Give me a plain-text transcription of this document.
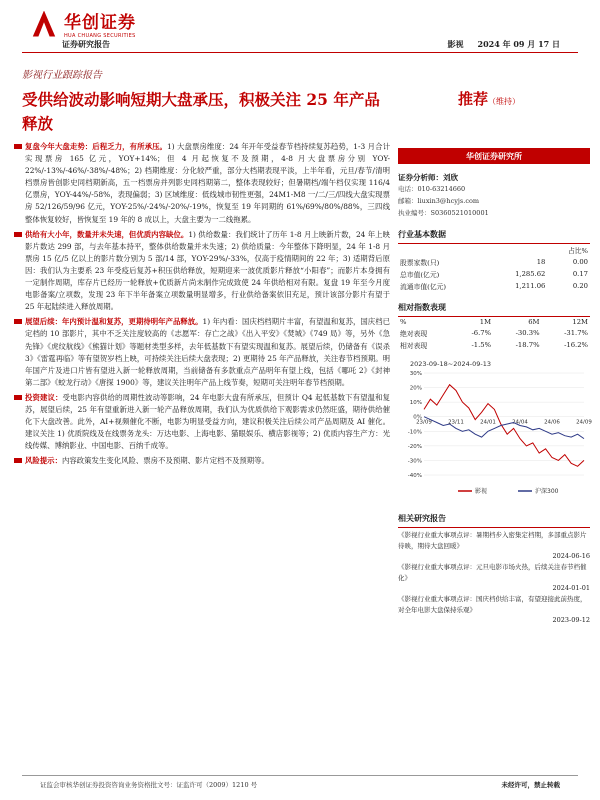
华创证券
HUA CHUANG SECURITIES
证券研究报告	影视 2024 年 09 月 17 日
影视行业跟踪报告
受供给波动影响短期大盘承压，积极关注 25 年产品释放
推荐（维持）
复盘今年大盘走势：后程乏力，有所承压。1) 大盘票房维度：24 年开年受益春节档持续复苏趋势，1-3 月合计实现票房 165 亿元，YOY+14%；但 4 月起恢复不及预期，4-8 月大盘票房分别 YOY-22%/-13%/-46%/-38%/-48%；2) 档期维度：分化较严重，部分大档期表现平淡，上半年看，元旦/春节/清明档票房皆创影史同档期新高，五一档票房并列影史同档期第二，整体表现较好；但暑期档/端午档仅实现 116/4 亿票房，YOY-44%/-58%，表现偏弱；3) 区域维度：低线城市韧性更强，24M1-M8 一/二/三/四线大盘实现票房 52/126/59/96 亿元，YOY-25%/-24%/-20%/-19%，恢复至 19 年同期的 61%/69%/80%/88%，三四线整体恢复较好，皆恢复至 19 年的 8 成以上，大盘主要为一二线拖累。
供给有大小年，数量并未失速，但优质内容缺位。1) 供给数量：我们统计了历年 1-8 月上映新片数，24 年上映影片数达 299 部，与去年基本持平，整体供给数量并未失速；2) 供给质量：今年整体下降明显，24 年 1-8 月票房 15 亿/5 亿以上的影片数分别为 5 部/14 部，YOY-29%/-33%，仅高于疫情期间的 22 年；3) 适期背后原因：我们认为主要系 23 年受疫后复苏+积压供给释放，短期迎来一波优质影片释放“小阳春”；而影片本身拥有一定制作周期，库存片已经历一轮释放+优质新片尚未制作完成致使 24 年供给相对有限。复盘 19 年至今月度电影备案/立项数，发现 23 年下半年备案立项数量明显增多，行业供给备案依旧充足，预计该部分影片有望于 25 年起陆续进入释放周期。
展望后续：年内预计温和复苏，更期待明年产品释放。1) 年内看：国庆档档期片丰富，有望温和复苏，国庆档已定档的 10 部影片，其中不乏关注度较高的《志愿军：存亡之战》《出入平安》《焚城》《749 局》等，另外《急先锋》《虎纹航线》《熊猫计划》等题材类型多样，去年低基数下有望实现温和复苏。展望后续，仍储备有《误杀 3》《雷霆再临》等有望贺岁档上映，可持续关注后续大盘表现；2) 更期待 25 年产品释放，关注春节档预期。明年国产片及进口片皆有望进入新一轮释放周期，当前储备有多款重点产品明年有望上线，包括《哪吒 2》《封神第二部》《蛟龙行动》《唐探 1900》等，建议关注明年产品上线节奏，短期可关注明年春节档预期。
投资建议：受电影内容供给的周期性波动等影响，24 年电影大盘有所承压，但预计 Q4 起低基数下有望温和复苏，展望后续，25 年有望重新进入新一轮产品释放周期，我们认为优质供给下观影需求仍然旺盛，期待供给催化下大盘改善。此外，AI+视频催化不断，电影为明显受益方向，建议积极关注后续公司产品周期及 AI 催化。建议关注 1) 优质院线及在线票务龙头：万达电影、上海电影、猫眼娱乐、横店影视等；2) 优质内容生产方：光线传媒、博纳影业、中国电影、百纳千成等。
风险提示：内容政策发生变化风险、票房不及预期、影片定档不及预期等。
华创证券研究所
证券分析师：刘欣
电话：010-63214660
邮箱：liuxin3@hcyjs.com
执业编号：S0360521010001
行业基本数据
		占比%
股票家数(只)	18	0.00
总市值(亿元)	1,285.62	0.17
流通市值(亿元)	1,211.06	0.20
相对指数表现
%	1M	6M	12M
绝对表现	-6.7%	-30.3%	-31.7%
相对表现	-1.5%	-18.7%	-16.2%
2023-09-18~2024-09-13
-40%
-30%
-20%
-10%
0%
10%
20%
30%
23/09	23/11	24/01	24/04	24/06	24/09
影视	沪深300
相关研究报告
《影视行业重大事项点评：暑期档步入密集定档期，多部重点影片待映，期待大盘回暖》
2024-06-16
《影视行业重大事项点评：元旦电影市场火热，后续关注春节档催化》
2024-01-01
《影视行业重大事项点评：国庆档供给丰富，有望迎接此前热度，对全年电影大盘保持乐观》
2023-09-12
证监会审核华创证券投资咨询业务资格批文号：证监许可（2009）1210 号	未经许可，禁止转载
